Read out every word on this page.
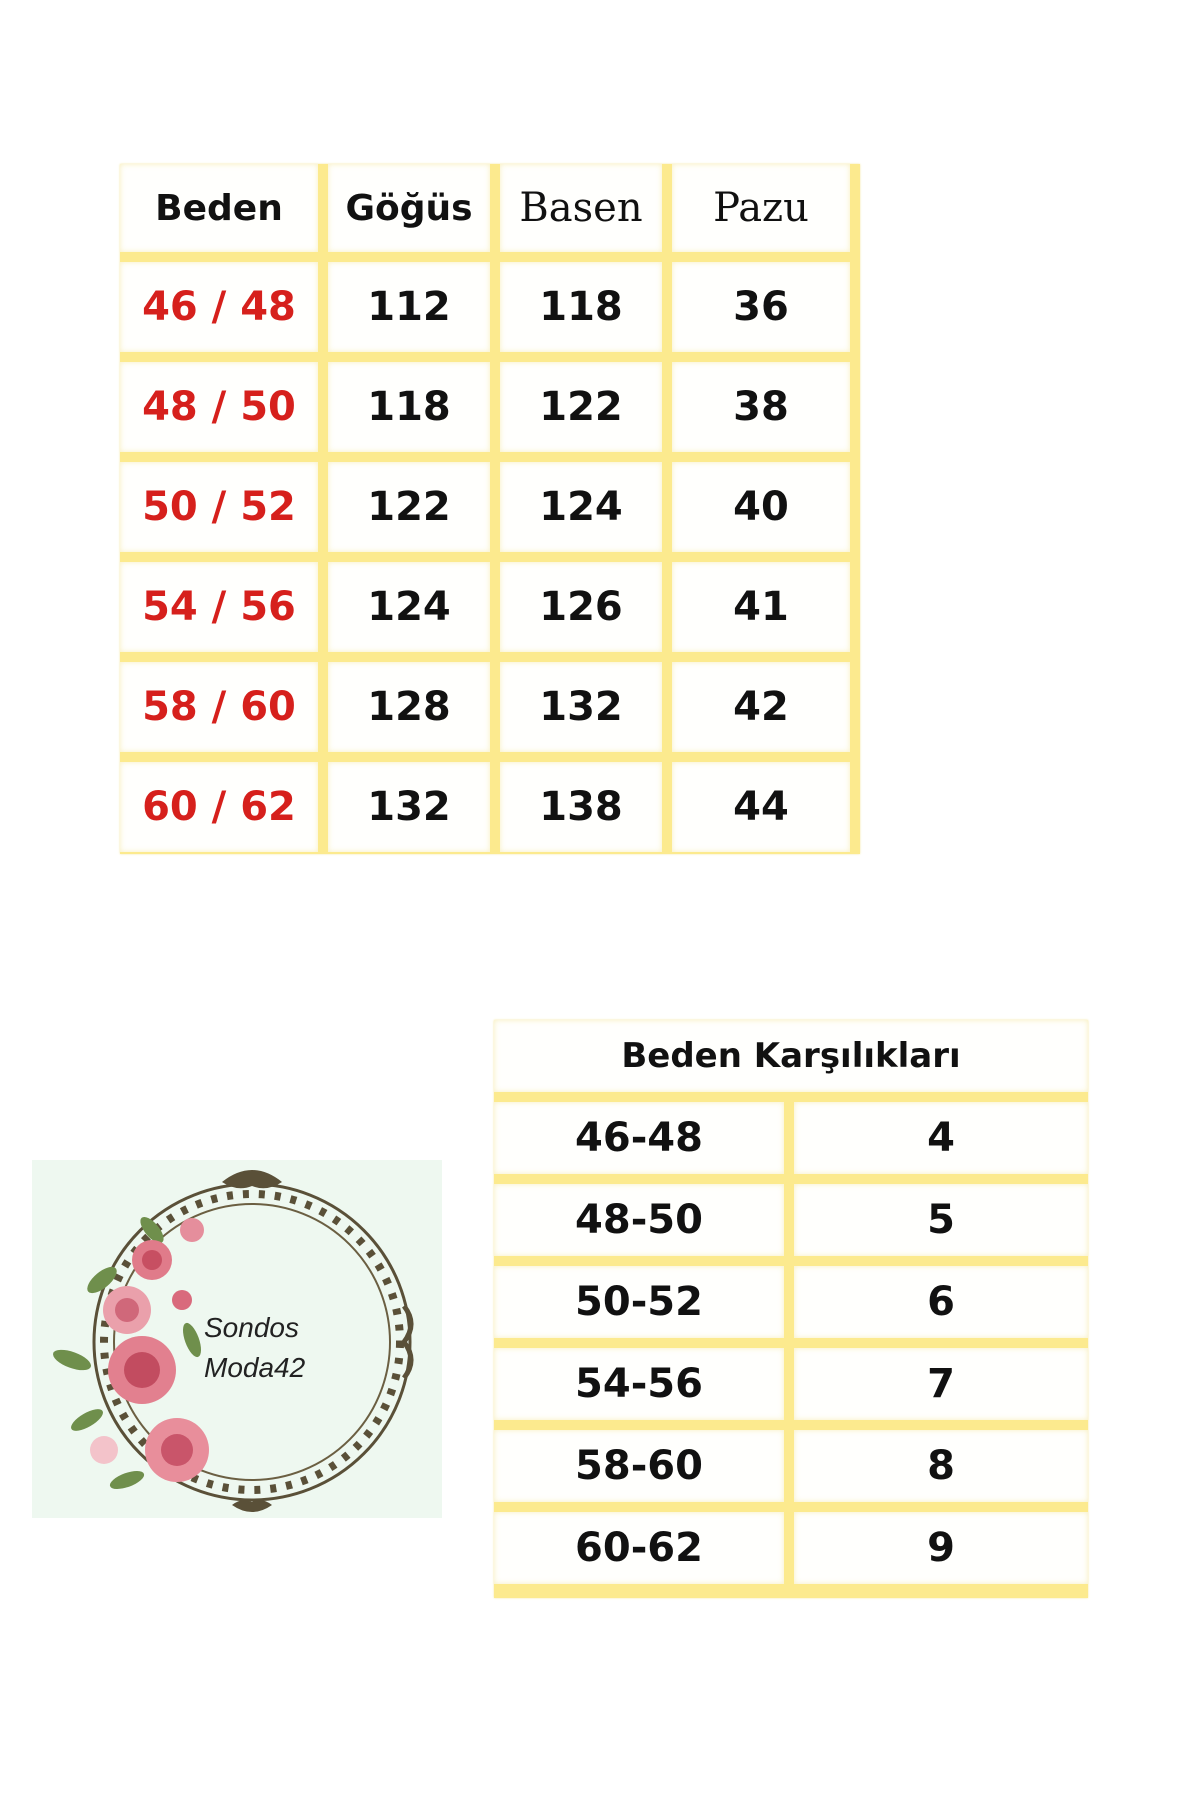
Beden	Göğüs	Basen	Pazu
46 / 48	112	118	36
48 / 50	118	122	38
50 / 52	122	124	40
54 / 56	124	126	41
58 / 60	128	132	42
60 / 62	132	138	44
Sondos
Moda42
Beden Karşılıkları
46-48	4
48-50	5
50-52	6
54-56	7
58-60	8
60-62	9
